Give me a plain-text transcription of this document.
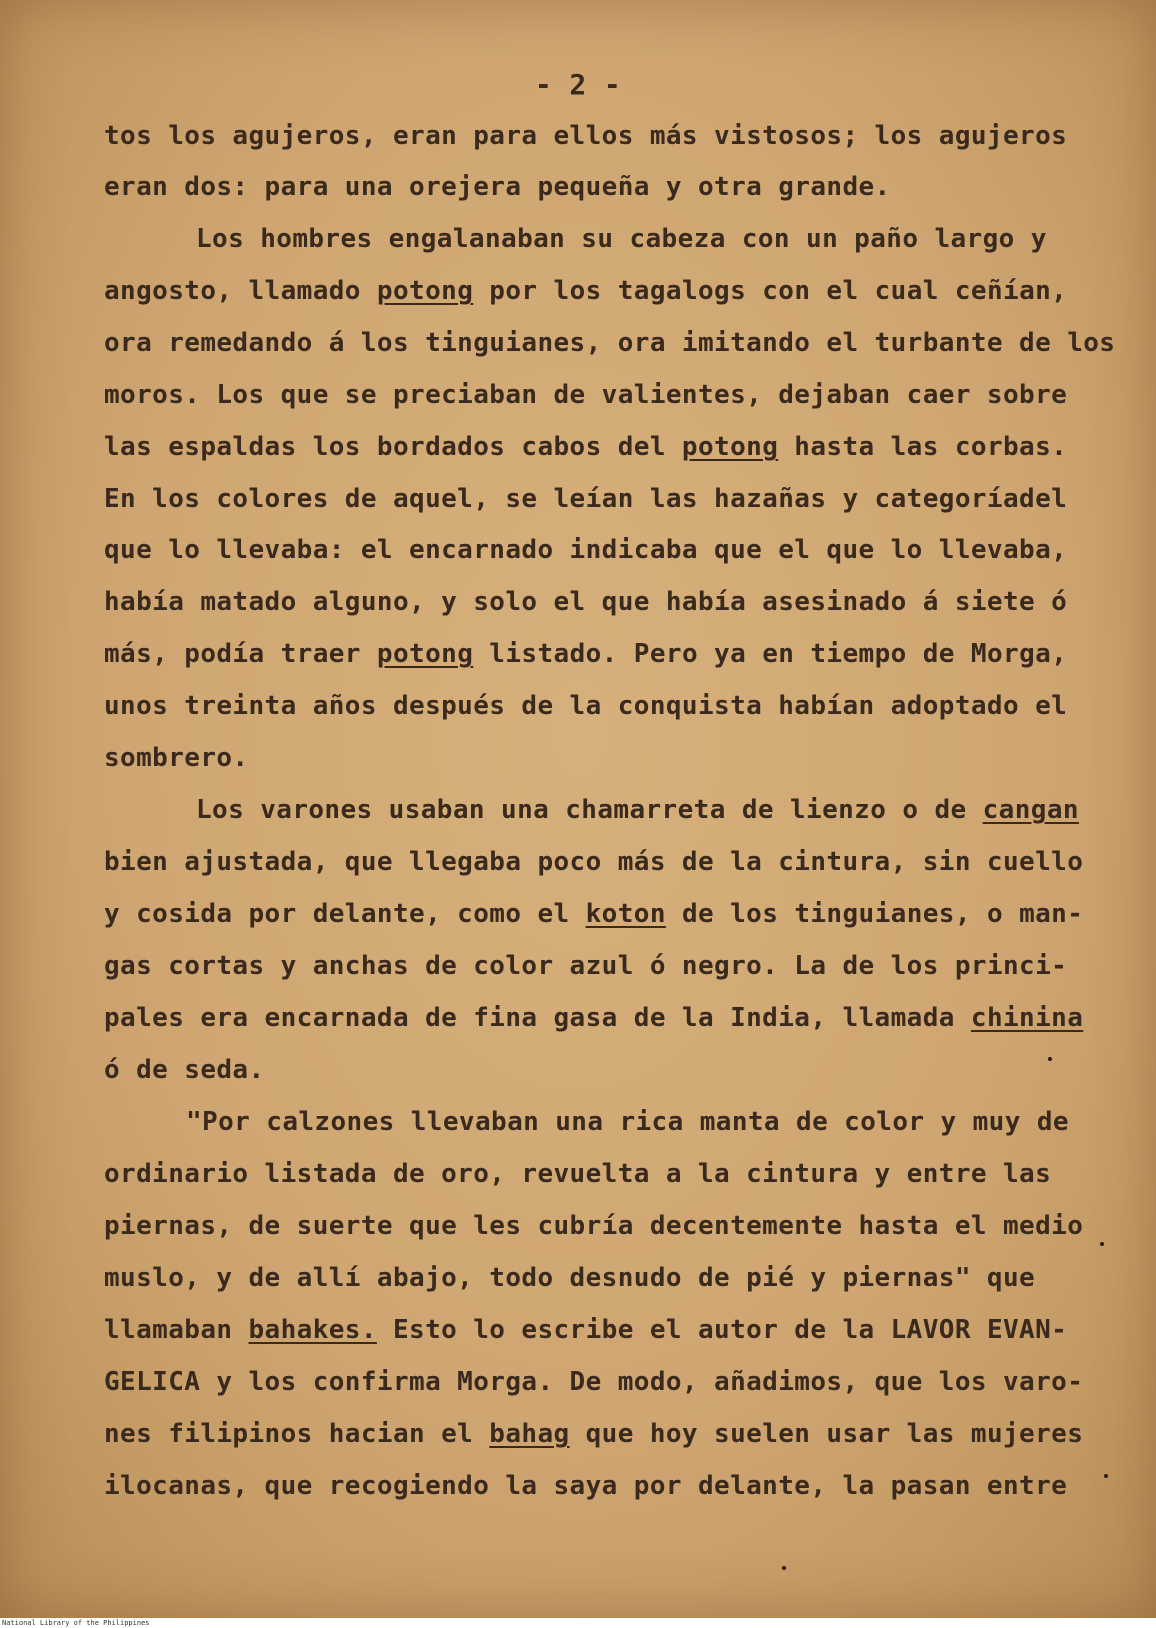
- 2 -
tos los agujeros, eran para ellos más vistosos; los agujeros
eran dos: para una orejera pequeña y otra grande.
Los hombres engalanaban su cabeza con un paño largo y
angosto, llamado potong por los tagalogs con el cual ceñían,
ora remedando á los tinguianes, ora imitando el turbante de los
moros. Los que se preciaban de valientes, dejaban caer sobre
las espaldas los bordados cabos del potong hasta las corbas.
En los colores de aquel, se leían las hazañas y categoríadel
que lo llevaba: el encarnado indicaba que el que lo llevaba,
había matado alguno, y solo el que había asesinado á siete ó
más, podía traer potong listado. Pero ya en tiempo de Morga,
unos treinta años después de la conquista habían adoptado el
sombrero.
Los varones usaban una chamarreta de lienzo o de cangan
bien ajustada, que llegaba poco más de la cintura, sin cuello
y cosida por delante, como el koton de los tinguianes, o man-
gas cortas y anchas de color azul ó negro. La de los princi-
pales era encarnada de fina gasa de la India, llamada chinina
ó de seda.
"Por calzones llevaban una rica manta de color y muy de
ordinario listada de oro, revuelta a la cintura y entre las
piernas, de suerte que les cubría decentemente hasta el medio
muslo, y de allí abajo, todo desnudo de pié y piernas" que
llamaban bahakes. Esto lo escribe el autor de la LAVOR EVAN-
GELICA y los confirma Morga. De modo, añadimos, que los varo-
nes filipinos hacian el bahag que hoy suelen usar las mujeres
ilocanas, que recogiendo la saya por delante, la pasan entre
National Library of the Philippines
